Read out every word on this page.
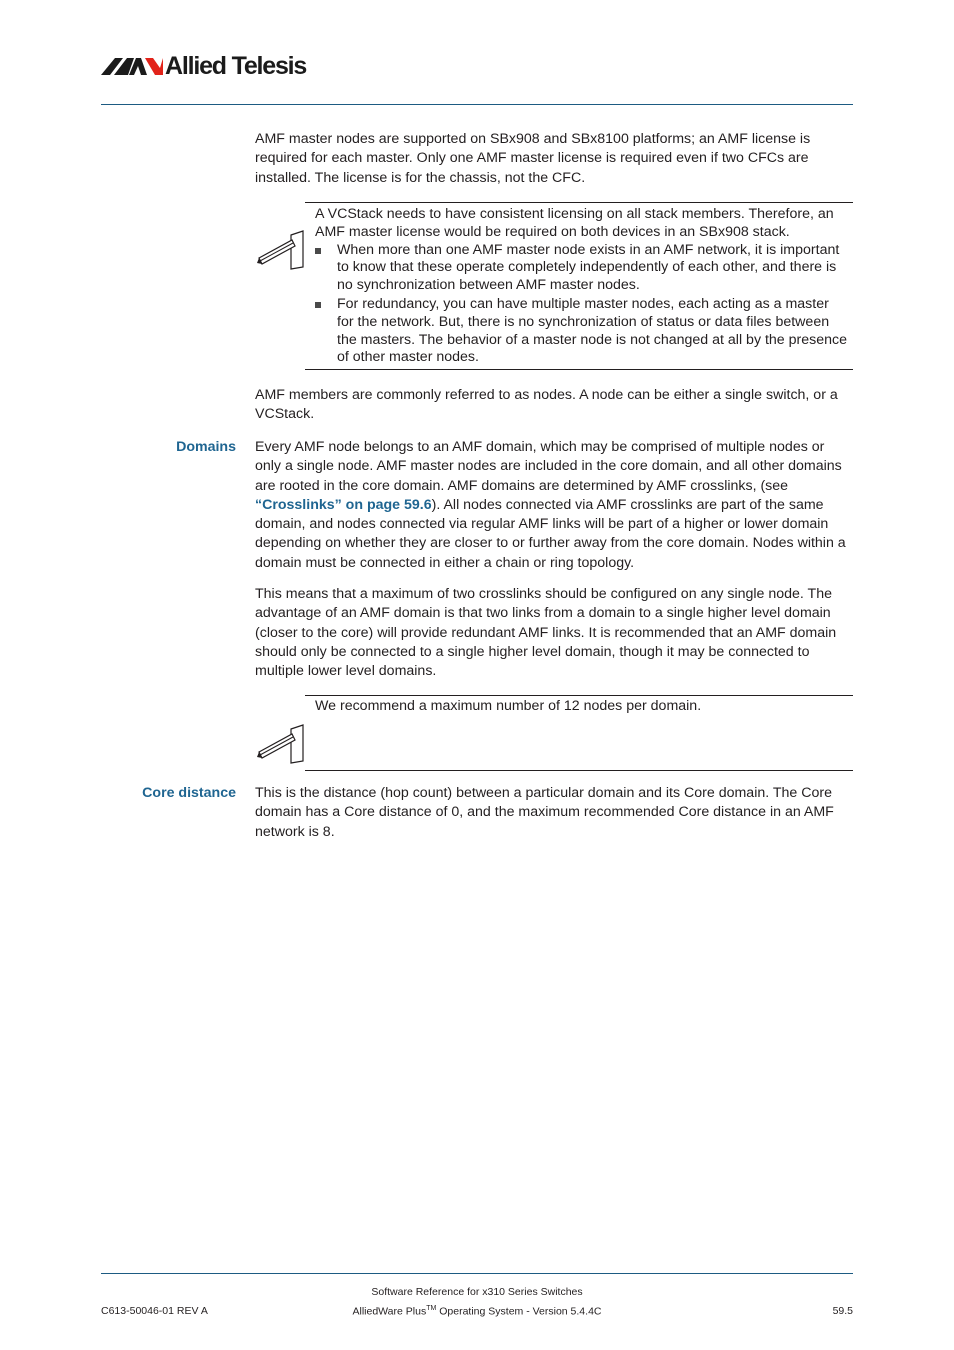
Allied Telesis

AMF master nodes are supported on SBx908 and SBx8100 platforms; an AMF license is required for each master. Only one AMF master license is required even if two CFCs are installed. The license is for the chassis, not the CFC.

A VCStack needs to have consistent licensing on all stack members. Therefore, an AMF master license would be required on both devices in an SBx908 stack.
When more than one AMF master node exists in an AMF network, it is important to know that these operate completely independently of each other, and there is no synchronization between AMF master nodes.
For redundancy, you can have multiple master nodes, each acting as a master for the network. But, there is no synchronization of status or data files between the masters. The behavior of a master node is not changed at all by the presence of other master nodes.

AMF members are commonly referred to as nodes. A node can be either a single switch, or a VCStack.

Domains Every AMF node belongs to an AMF domain, which may be comprised of multiple nodes or only a single node. AMF master nodes are included in the core domain, and all other domains are rooted in the core domain. AMF domains are determined by AMF crosslinks, (see “Crosslinks” on page 59.6). All nodes connected via AMF crosslinks are part of the same domain, and nodes connected via regular AMF links will be part of a higher or lower domain depending on whether they are closer to or further away from the core domain. Nodes within a domain must be connected in either a chain or ring topology.

This means that a maximum of two crosslinks should be configured on any single node. The advantage of an AMF domain is that two links from a domain to a single higher level domain (closer to the core) will provide redundant AMF links. It is recommended that an AMF domain should only be connected to a single higher level domain, though it may be connected to multiple lower level domains.

We recommend a maximum number of 12 nodes per domain.
Core distance This is the distance (hop count) between a particular domain and its Core domain. The Core domain has a Core distance of 0, and the maximum recommended Core distance in an AMF network is 8.

C613-50046-01 REV A
Software Reference for x310 Series Switches
AlliedWare Plus™ Operating System - Version 5.4.4C	59.5
